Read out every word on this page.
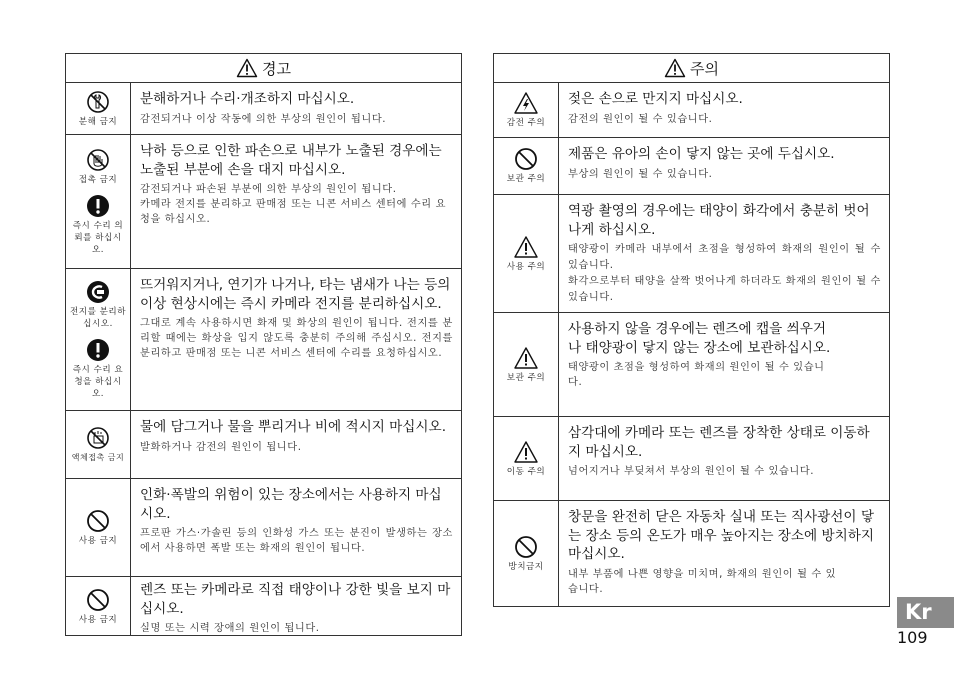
경고
분해 금지
분해하거나 수리·개조하지 마십시오.

감전되거나 이상 작동에 의한 부상의 원인이 됩니다.

접촉 금지
즉시 수리 의뢰를 하십시오.
낙하 등으로 인한 파손으로 내부가 노출된 경우에는 노출된 부분에 손을 대지 마십시오.

감전되거나 파손된 부분에 의한 부상의 원인이 됩니다.

카메라 전지를 분리하고 판매점 또는 니콘 서비스 센터에 수리 요청을 하십시오.

전지를 분리하십시오.
즉시 수리 요청을 하십시오.
뜨거워지거나, 연기가 나거나, 타는 냄새가 나는 등의 이상 현상시에는 즉시 카메라 전지를 분리하십시오.

그대로 계속 사용하시면 화재 및 화상의 원인이 됩니다. 전지를 분리할 때에는 화상을 입지 않도록 충분히 주의해 주십시오. 전지를 분리하고 판매점 또는 니콘 서비스 센터에 수리를 요청하십시오.

액체접촉 금지
물에 담그거나 물을 뿌리거나 비에 적시지 마십시오.

발화하거나 감전의 원인이 됩니다.

사용 금지
인화·폭발의 위험이 있는 장소에서는 사용하지 마십시오.

프로판 가스·가솔린 등의 인화성 가스 또는 분진이 발생하는 장소에서 사용하면 폭발 또는 화재의 원인이 됩니다.

사용 금지
렌즈 또는 카메라로 직접 태양이나 강한 빛을 보지 마십시오.

실명 또는 시력 장애의 원인이 됩니다.

주의
감전 주의
젖은 손으로 만지지 마십시오.

감전의 원인이 될 수 있습니다.

보관 주의
제품은 유아의 손이 닿지 않는 곳에 두십시오.

부상의 원인이 될 수 있습니다.

사용 주의
역광 촬영의 경우에는 태양이 화각에서 충분히 벗어나게 하십시오.

태양광이 카메라 내부에서 초점을 형성하여 화재의 원인이 될 수 있습니다.

화각으로부터 태양을 살짝 벗어나게 하더라도 화재의 원인이 될 수 있습니다.

보관 주의
사용하지 않을 경우에는 렌즈에 캡을 씌우거나 태양광이 닿지 않는 장소에 보관하십시오.

태양광이 초점을 형성하여 화재의 원인이 될 수 있습니다.

이동 주의
삼각대에 카메라 또는 렌즈를 장착한 상태로 이동하지 마십시오.

넘어지거나 부딪쳐서 부상의 원인이 될 수 있습니다.

방치금지
창문을 완전히 닫은 자동차 실내 또는 직사광선이 닿는 장소 등의 온도가 매우 높아지는 장소에 방치하지 마십시오.

내부 부품에 나쁜 영향을 미치며, 화재의 원인이 될 수 있습니다.

Kr
109
